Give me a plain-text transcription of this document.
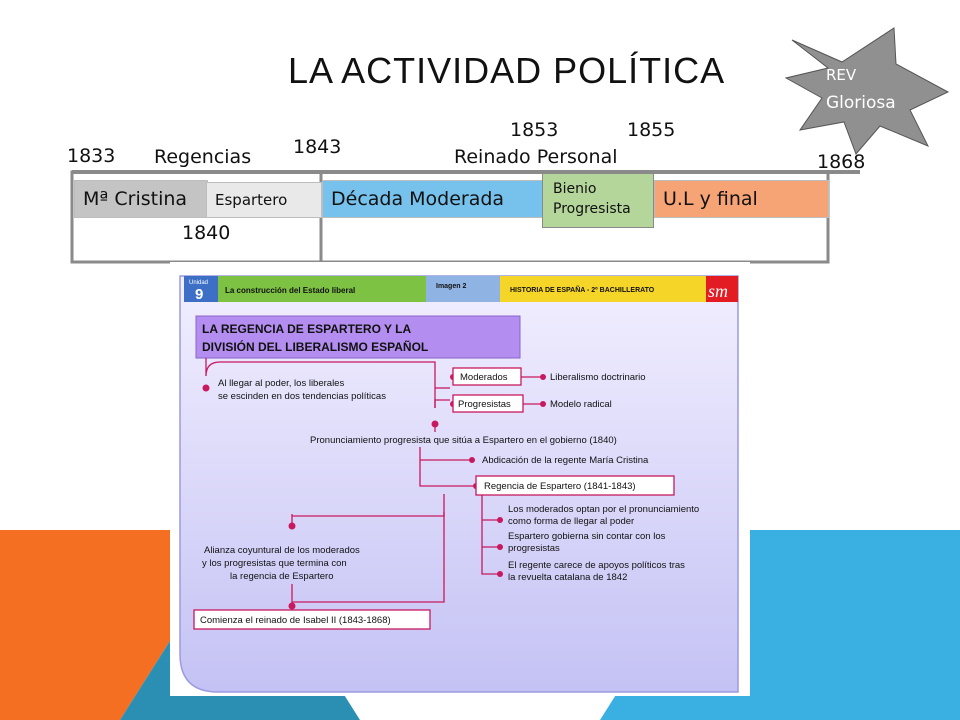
LA ACTIVIDAD POLÍTICA	REV
Gloriosa
1833 Regencias 1843
1853	1855
Reinado Personal	1868
Mª Cristina	Espartero	Década Moderada	U.L y final
Bienio
Progresista
1840
Unidad
9	La construcción del Estado liberal	Imagen 2
HISTORIA DE ESPAÑA - 2º BACHILLERATO	sm
LA REGENCIA DE ESPARTERO Y LA
DIVISIÓN DEL LIBERALISMO ESPAÑOL
Al llegar al poder, los liberales
se escinden en dos tendencias políticas
Moderados
Progresistas
Liberalismo doctrinario
Modelo radical
Pronunciamiento progresista que sitúa a Espartero en el gobierno (1840)
Abdicación de la regente María Cristina
Regencia de Espartero (1841-1843)
Los moderados optan por el pronunciamiento
como forma de llegar al poder
Espartero gobierna sin contar con los
progresistas
El regente carece de apoyos políticos tras
la revuelta catalana de 1842
Alianza coyuntural de los moderados
y los progresistas que termina con
la regencia de Espartero
Comienza el reinado de Isabel II (1843-1868)
